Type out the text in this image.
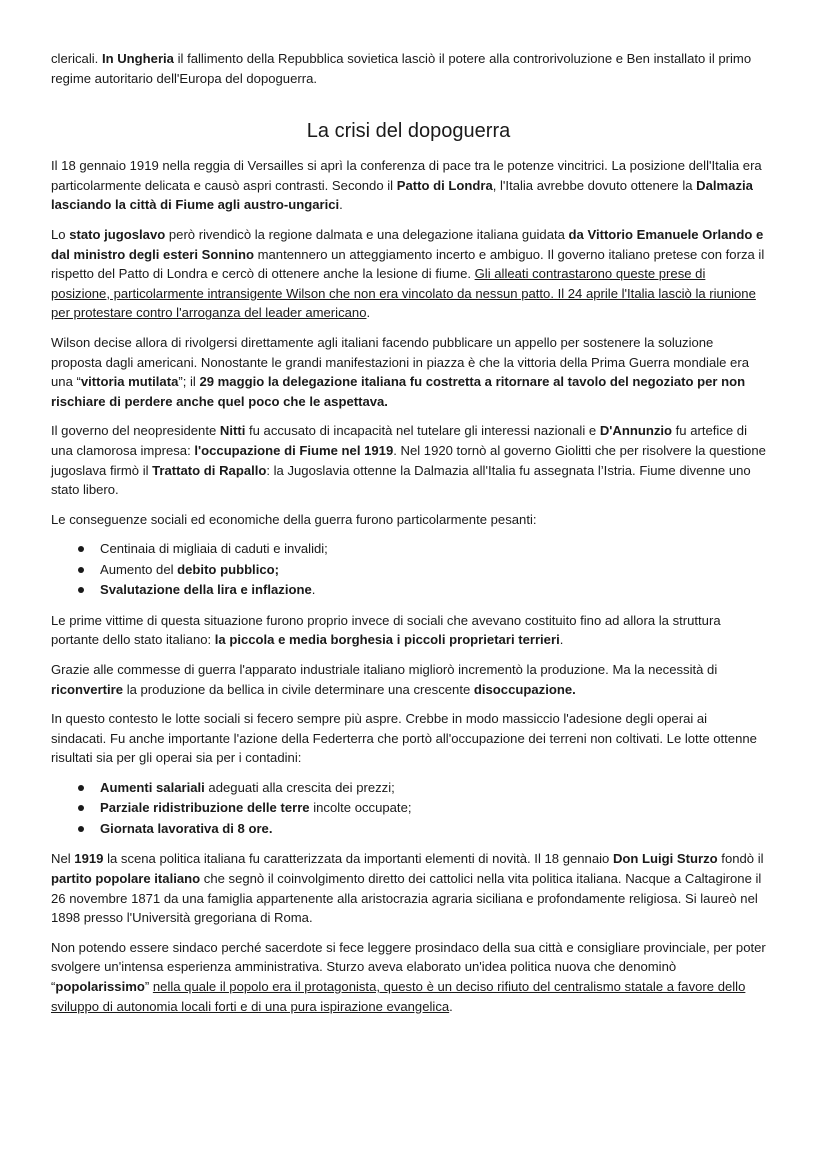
clericali. In Ungheria il fallimento della Repubblica sovietica lasciò il potere alla controrivoluzione e Ben installato il primo regime autoritario dell'Europa del dopoguerra.

La crisi del dopoguerra

Il 18 gennaio 1919 nella reggia di Versailles si aprì la conferenza di pace tra le potenze vincitrici. La posizione dell'Italia era particolarmente delicata e causò aspri contrasti. Secondo il Patto di Londra, l'Italia avrebbe dovuto ottenere la Dalmazia lasciando la città di Fiume agli austro-ungarici.

Lo stato jugoslavo però rivendicò la regione dalmata e una delegazione italiana guidata da Vittorio Emanuele Orlando e dal ministro degli esteri Sonnino mantennero un atteggiamento incerto e ambiguo. Il governo italiano pretese con forza il rispetto del Patto di Londra e cercò di ottenere anche la lesione di fiume. Gli alleati contrastarono queste prese di posizione, particolarmente intransigente Wilson che non era vincolato da nessun patto. Il 24 aprile l'Italia lasciò la riunione per protestare contro l'arroganza del leader americano.

Wilson decise allora di rivolgersi direttamente agli italiani facendo pubblicare un appello per sostenere la soluzione proposta dagli americani. Nonostante le grandi manifestazioni in piazza è che la vittoria della Prima Guerra mondiale era una “vittoria mutilata”; il 29 maggio la delegazione italiana fu costretta a ritornare al tavolo del negoziato per non rischiare di perdere anche quel poco che le aspettava.

Il governo del neopresidente Nitti fu accusato di incapacità nel tutelare gli interessi nazionali e D'Annunzio fu artefice di una clamorosa impresa: l'occupazione di Fiume nel 1919. Nel 1920 tornò al governo Giolitti che per risolvere la questione jugoslava firmò il Trattato di Rapallo: la Jugoslavia ottenne la Dalmazia all'Italia fu assegnata l’Istria. Fiume divenne uno stato libero.

Le conseguenze sociali ed economiche della guerra furono particolarmente pesanti:

Centinaia di migliaia di caduti e invalidi;
Aumento del debito pubblico;
Svalutazione della lira e inflazione.

Le prime vittime di questa situazione furono proprio invece di sociali che avevano costituito fino ad allora la struttura portante dello stato italiano: la piccola e media borghesia i piccoli proprietari terrieri.

Grazie alle commesse di guerra l'apparato industriale italiano migliorò incrementò la produzione. Ma la necessità di riconvertire la produzione da bellica in civile determinare una crescente disoccupazione.

In questo contesto le lotte sociali si fecero sempre più aspre. Crebbe in modo massiccio l'adesione degli operai ai sindacati. Fu anche importante l'azione della Federterra che portò all'occupazione dei terreni non coltivati. Le lotte ottenne risultati sia per gli operai sia per i contadini:

Aumenti salariali adeguati alla crescita dei prezzi;
Parziale ridistribuzione delle terre incolte occupate;
Giornata lavorativa di 8 ore.

Nel 1919 la scena politica italiana fu caratterizzata da importanti elementi di novità. Il 18 gennaio Don Luigi Sturzo fondò il partito popolare italiano che segnò il coinvolgimento diretto dei cattolici nella vita politica italiana. Nacque a Caltagirone il 26 novembre 1871 da una famiglia appartenente alla aristocrazia agraria siciliana e profondamente religiosa. Si laureò nel 1898 presso l'Università gregoriana di Roma.

Non potendo essere sindaco perché sacerdote si fece leggere prosindaco della sua città e consigliare provinciale, per poter svolgere un'intensa esperienza amministrativa. Sturzo aveva elaborato un'idea politica nuova che denominò “popolarissimo” nella quale il popolo era il protagonista, questo è un deciso rifiuto del centralismo statale a favore dello sviluppo di autonomia locali forti e di una pura ispirazione evangelica.
